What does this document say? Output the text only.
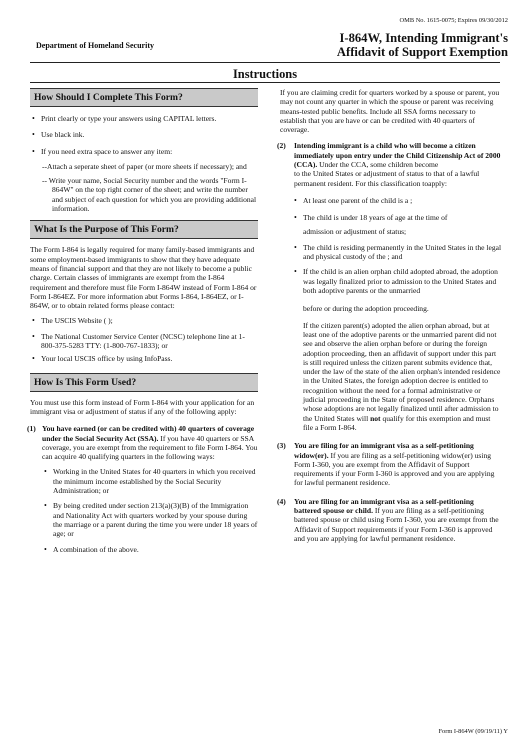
OMB No. 1615-0075; Expires 09/30/2012
Department of Homeland Security
I-864W, Intending Immigrant's
Affidavit of Support Exemption
Instructions
How Should I Complete This Form?
• Print clearly or type your answers using CAPITAL letters.
• Use black ink.
• If you need extra space to answer any item:
--Attach a seperate sheet of paper (or more sheets if necessary); and
-- Write your name, Social Security number and the words "Form I-864W" on the top right corner of the sheet; and write the number and subject of each question for which you are providing additional information.
What Is the Purpose of This Form?

The Form I-864 is legally required for many family-based immigrants and some employment-based immigrants to show that they have adequate means of financial support and that they are not likely to become a public charge. Certain classes of immigrants are exempt from the I-864 requirement and therefore must file Form I-864W instead of Form I-864 or Form I-864EZ. For more information abut Forms I-864, I-864EZ, or I-864W, or to obtain related forms please contact:

• The USCIS Website ( );
• The National Customer Service Center (NCSC) telephone line at 1-800-375-5283 TTY: (1-800-767-1833); or
• Your local USCIS office by using InfoPass.
How Is This Form Used?

You must use this form instead of Form I-864 with your application for an immigrant visa or adjustment of status if any of the following apply:

(1) You have earned (or can be credited with) 40 quarters of coverage under the Social Security Act (SSA). If you have 40 quarters or SSA coverage, you are exempt from the requirement to file Form I-864. You can acquire 40 qualifying quarters in the following ways:
• Working in the United States for 40 quarters in which you received the minimum income established by the Social Security Administration; or
• By being credited under section 213(a)(3)(B) of the Immigration and Nationality Act with quarters worked by your spouse during the marriage or a parent during the time you were under 18 years of age; or
• A combination of the above.

If you are claiming credit for quarters worked by a spouse or parent, you may not count any quarter in which the spouse or parent was receiving means-tested public benefits. Include all SSA forms necessary to establish that you are have or can be credited with 40 quarters of coverage.

(2) Intending immigrant is a child who will become a citizen immediately upon entry under the Child Citizenship Act of 2000 (CCA). Under the CCA, some children become
to the United States or adjustment of status to that of a lawful permanent resident. For this classification toapply:
• At least one parent of the child is a ;
• The child is under 18 years of age at the time of
admission or adjustment of status;
• The child is residing permanently in the United States in the legal and physical custody of the ; and
• If the child is an alien orphan child adopted abroad, the adoption was legally finalized prior to admission to the United States and both adoptive parents or the unmarried

before or during the adoption proceeding.

If the citizen parent(s) adopted the alien orphan abroad, but at least one of the adoptive parents or the unmarried parent did not see and observe the alien orphan before or during the foreign adoption proceeding, then an affidavit of support under this part is still required unless the citizen parent submits evidence that, under the law of the state of the alien orphan's intended residence in the United States, the foreign adoption decree is entitled to recognition without the need for a formal administrative or judicial proceeding in the State of proposed residence. Orphans whose adoptions are not legally finalized until after admission to the United States will not qualify for this exemption and must file a Form I-864.

(3) You are filing for an immigrant visa as a self-petitioning widow(er). If you are filing as a self-petitioning widow(er) using Form I-360, you are exempt from the Affidavit of Support requirements if your Form I-360 is approved and you are applying for lawful permanent residence.
(4) You are filing for an immigrant visa as a self-petitioning battered spouse or child. If you are filing as a self-petitioning battered spouse or child using Form I-360, you are exempt from the Affidavit of Support requirements if your Form I-360 is approved and you are applying for lawful permanent residence.
Form I-864W (09/19/11) Y
